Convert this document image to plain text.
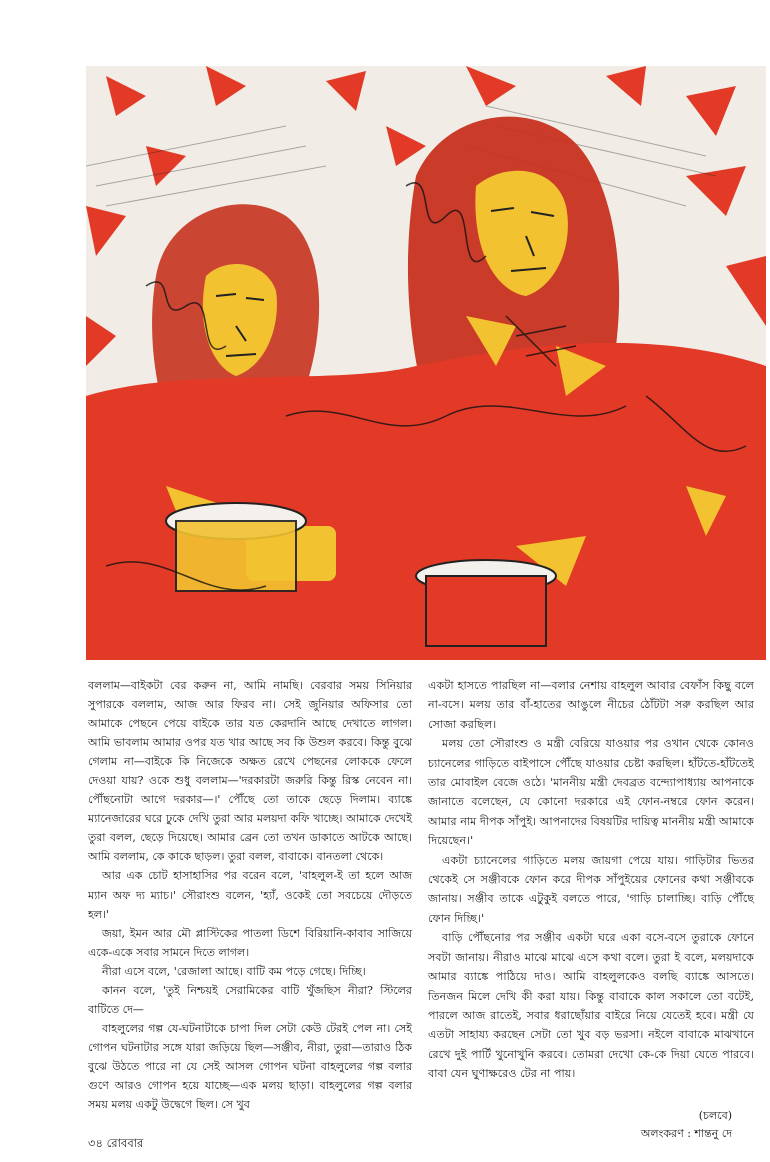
বললাম—বাইকটা বের করুন না, আমি নামছি। বেরবার সময় সিনিয়ার সুপারকে বললাম, আজ আর ফিরব না। সেই জুনিয়ার অফিসার তো আমাকে পেছনে পেয়ে বাইকে তার যত কেরদানি আছে দেখাতে লাগল। আমি ভাবলাম আমার ওপর যত খার আছে সব কি উশুল করবে। কিন্তু বুঝে গেলাম না—বাইকে কি নিজেকে অক্ষত রেখে পেছনের লোককে ফেলে দেওয়া যায়? ওকে শুধু বললাম—'দরকারটা জরুরি কিন্তু রিস্ক নেবেন না। পৌঁছনোটা আগে দরকার—।' পৌঁছে তো তাকে ছেড়ে দিলাম। ব্যাঙ্কে ম্যানেজারের ঘরে ঢুকে দেখি তুরা আর মলয়দা কফি খাচ্ছে। আমাকে দেখেই তুরা বলল, ছেড়ে দিয়েছে। আমার ব্রেন তো তখন ডাকাতে আটকে আছে। আমি বললাম, কে কাকে ছাড়ল। তুরা বলল, বাবাকে। বানতলা থেকে।

আর এক চোট হাসাহাসির পর বরেন বলে, 'বাহলুল-ই তা হলে আজ ম্যান অফ দ্য ম্যাচ।' সৌরাংশু বলেন, 'হ্যাঁ, ওকেই তো সবচেয়ে দৌড়তে হল।'

জয়া, ইমন আর মৌ প্লাস্টিকের পাতলা ডিশে বিরিয়ানি-কাবাব সাজিয়ে একে-একে সবার সামনে দিতে লাগল।

নীরা এসে বলে, 'রেজালা আছে। বাটি কম পড়ে গেছে। দিচ্ছি।

কানন বলে, 'তুই নিশ্চয়ই সেরামিকের বাটি খুঁজছিস নীরা? স্টিলের বাটিতে দে—

বাহলুলের গল্প যে-ঘটনাটাকে চাপা দিল সেটা কেউ টেরই পেল না। সেই গোপন ঘটনাটার সঙ্গে যারা জড়িয়ে ছিল—সঞ্জীব, নীরা, তুরা—তারাও ঠিক বুঝে উঠতে পারে না যে সেই আসল গোপন ঘটনা বাহলুলের গল্প বলার গুণে আরও গোপন হয়ে যাচ্ছে—এক মলয় ছাড়া। বাহলুলের গল্প বলার সময় মলয় একটু উদ্বেগে ছিল। সে খুব

একটা হাসতে পারছিল না—বলার নেশায় বাহলুল আবার বেফাঁস কিছু বলে না-বসে। মলয় তার বাঁ-হাতের আঙুলে নীচের ঠোঁটটা সরু করছিল আর সোজা করছিল।

মলয় তো সৌরাংশু ও মন্ত্রী বেরিয়ে যাওয়ার পর ওখান থেকে কোনও চ্যানেলের গাড়িতে বাইপাসে পৌঁছে যাওয়ার চেষ্টা করছিল। হাঁটতে-হাঁটতেই তার মোবাইল বেজে ওঠে। 'মাননীয় মন্ত্রী দেবব্রত বন্দ্যোপাধ্যায় আপনাকে জানাতে বলেছেন, যে কোনো দরকারে এই ফোন-নম্বরে ফোন করেন। আমার নাম দীপক সাঁপুই। আপনাদের বিষয়টির দায়িত্ব মাননীয় মন্ত্রী আমাকে দিয়েছেন।'

একটা চ্যানেলের গাড়িতে মলয় জায়গা পেয়ে যায়। গাড়িটার ভিতর থেকেই সে সঞ্জীবকে ফোন করে দীপক সাঁপুইয়ের ফোনের কথা সঞ্জীবকে জানায়। সঞ্জীব তাকে এটুকুই বলতে পারে, 'গাড়ি চালাচ্ছি। বাড়ি পৌঁছে ফোন দিচ্ছি।'

বাড়ি পৌঁছনোর পর সঞ্জীব একটা ঘরে একা বসে-বসে তুরাকে ফোনে সবটা জানায়। নীরাও মাঝে মাঝে এসে কথা বলে। তুরা ই বলে, মলয়দাকে আমার ব্যাঙ্কে পাঠিয়ে দাও। আমি বাহলুলকেও বলছি ব্যাঙ্কে আসতে। তিনজন মিলে দেখি কী করা যায়। কিন্তু বাবাকে কাল সকালে তো বটেই, পারলে আজ রাতেই, সবার ধরাছোঁয়ার বাইরে নিয়ে যেতেই হবে। মন্ত্রী যে এতটা সাহায্য করছেন সেটা তো খুব বড় ভরসা। নইলে বাবাকে মাঝখানে রেখে দুই পার্টি খুনোখুনি করবে। তোমরা দেখো কে-কে দিয়া যেতে পারবে। বাবা যেন ঘুণাক্ষরেও টের না পায়।

(চলবে)
অলংকরণ : শান্তনু দে
৩৪ রোববার
